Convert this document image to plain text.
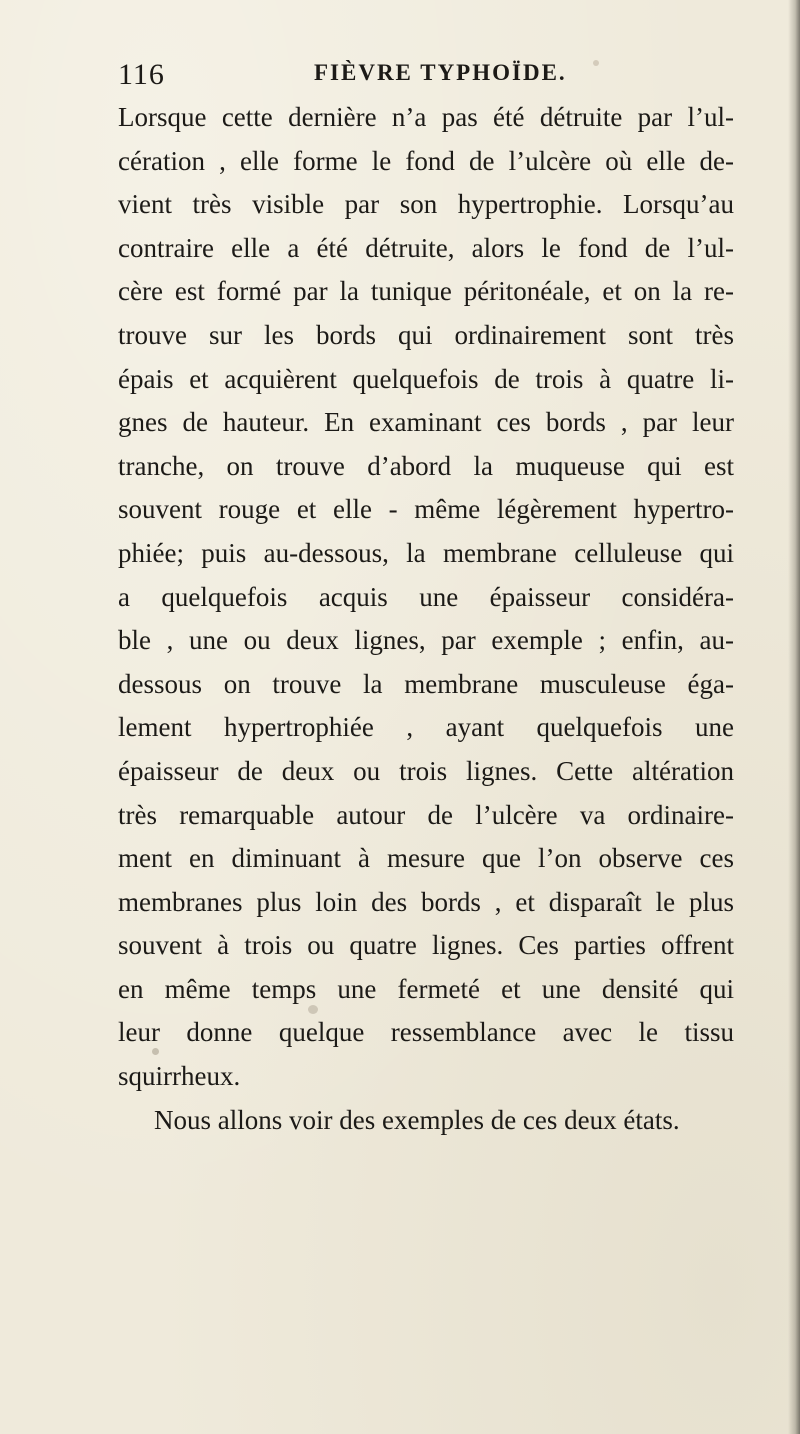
116	FIÈVRE TYPHOÏDE.
Lorsque cette dernière n’a pas été détruite par l’ul-
cération , elle forme le fond de l’ulcère où elle de-
vient très visible par son hypertrophie. Lorsqu’au
contraire elle a été détruite, alors le fond de l’ul-
cère est formé par la tunique péritonéale, et on la re-
trouve sur les bords qui ordinairement sont très
épais et acquièrent quelquefois de trois à quatre li-
gnes de hauteur. En examinant ces bords , par leur
tranche, on trouve d’abord la muqueuse qui est
souvent rouge et elle - même légèrement hypertro-
phiée; puis au-dessous, la membrane celluleuse qui
a quelquefois acquis une épaisseur considéra-
ble , une ou deux lignes, par exemple ; enfin, au-
dessous on trouve la membrane musculeuse éga-
lement hypertrophiée , ayant quelquefois une
épaisseur de deux ou trois lignes. Cette altération
très remarquable autour de l’ulcère va ordinaire-
ment en diminuant à mesure que l’on observe ces
membranes plus loin des bords , et disparaît le plus
souvent à trois ou quatre lignes. Ces parties offrent
en même temps une fermeté et une densité qui
leur donne quelque ressemblance avec le tissu
squirrheux.
Nous allons voir des exemples de ces deux états.
